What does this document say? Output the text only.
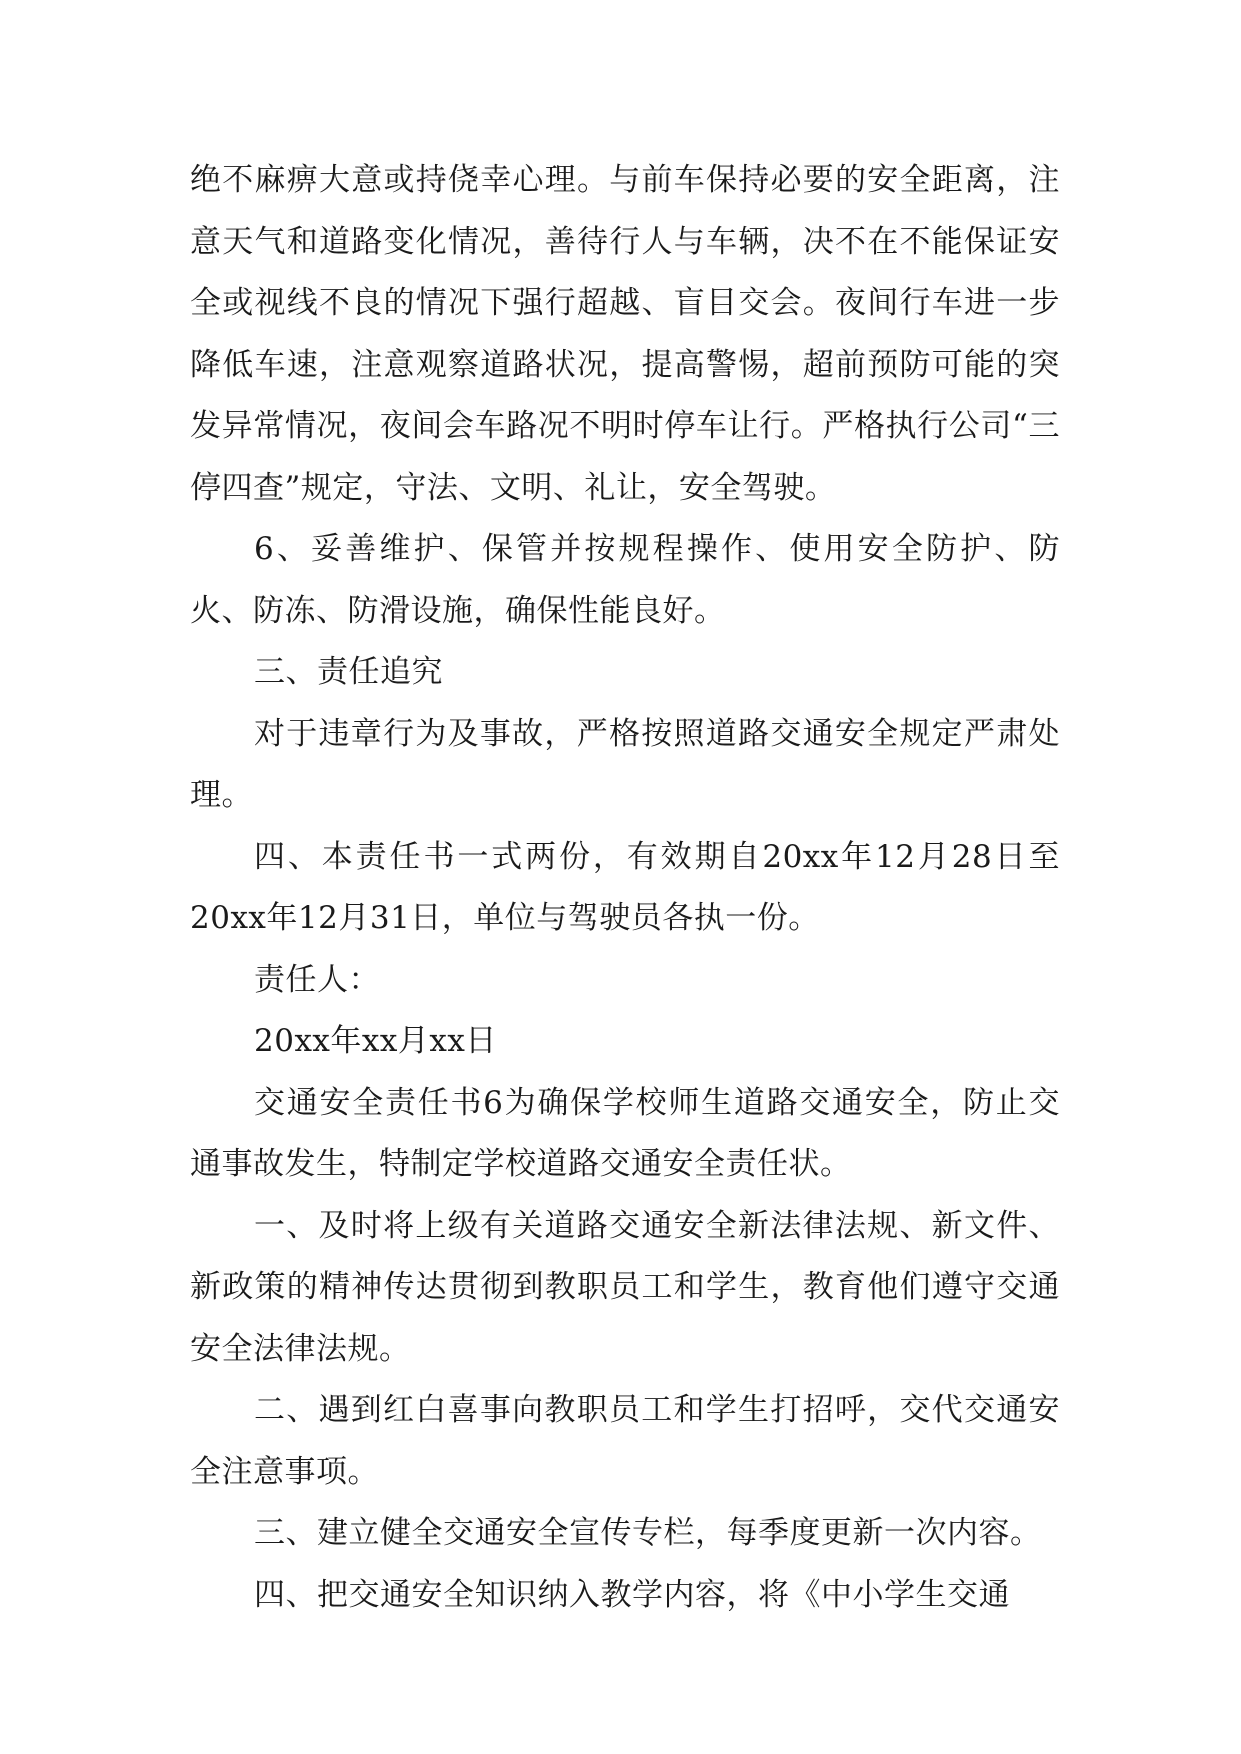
绝不麻痹大意或持侥幸心理。与前车保持必要的安全距离，注意天气和道路变化情况，善待行人与车辆，决不在不能保证安全或视线不良的情况下强行超越、盲目交会。夜间行车进一步降低车速，注意观察道路状况，提高警惕，超前预防可能的突发异常情况，夜间会车路况不明时停车让行。严格执行公司“三停四查”规定，守法、文明、礼让，安全驾驶。

6、妥善维护、保管并按规程操作、使用安全防护、防火、防冻、防滑设施，确保性能良好。

三、责任追究

对于违章行为及事故，严格按照道路交通安全规定严肃处理。

四、本责任书一式两份，有效期自20xx年12月28日至20xx年12月31日，单位与驾驶员各执一份。

责任人：

20xx年xx月xx日

交通安全责任书6为确保学校师生道路交通安全，防止交通事故发生，特制定学校道路交通安全责任状。

一、及时将上级有关道路交通安全新法律法规、新文件、新政策的精神传达贯彻到教职员工和学生，教育他们遵守交通安全法律法规。

二、遇到红白喜事向教职员工和学生打招呼，交代交通安全注意事项。

三、建立健全交通安全宣传专栏，每季度更新一次内容。

四、把交通安全知识纳入教学内容，将《中小学生交通
